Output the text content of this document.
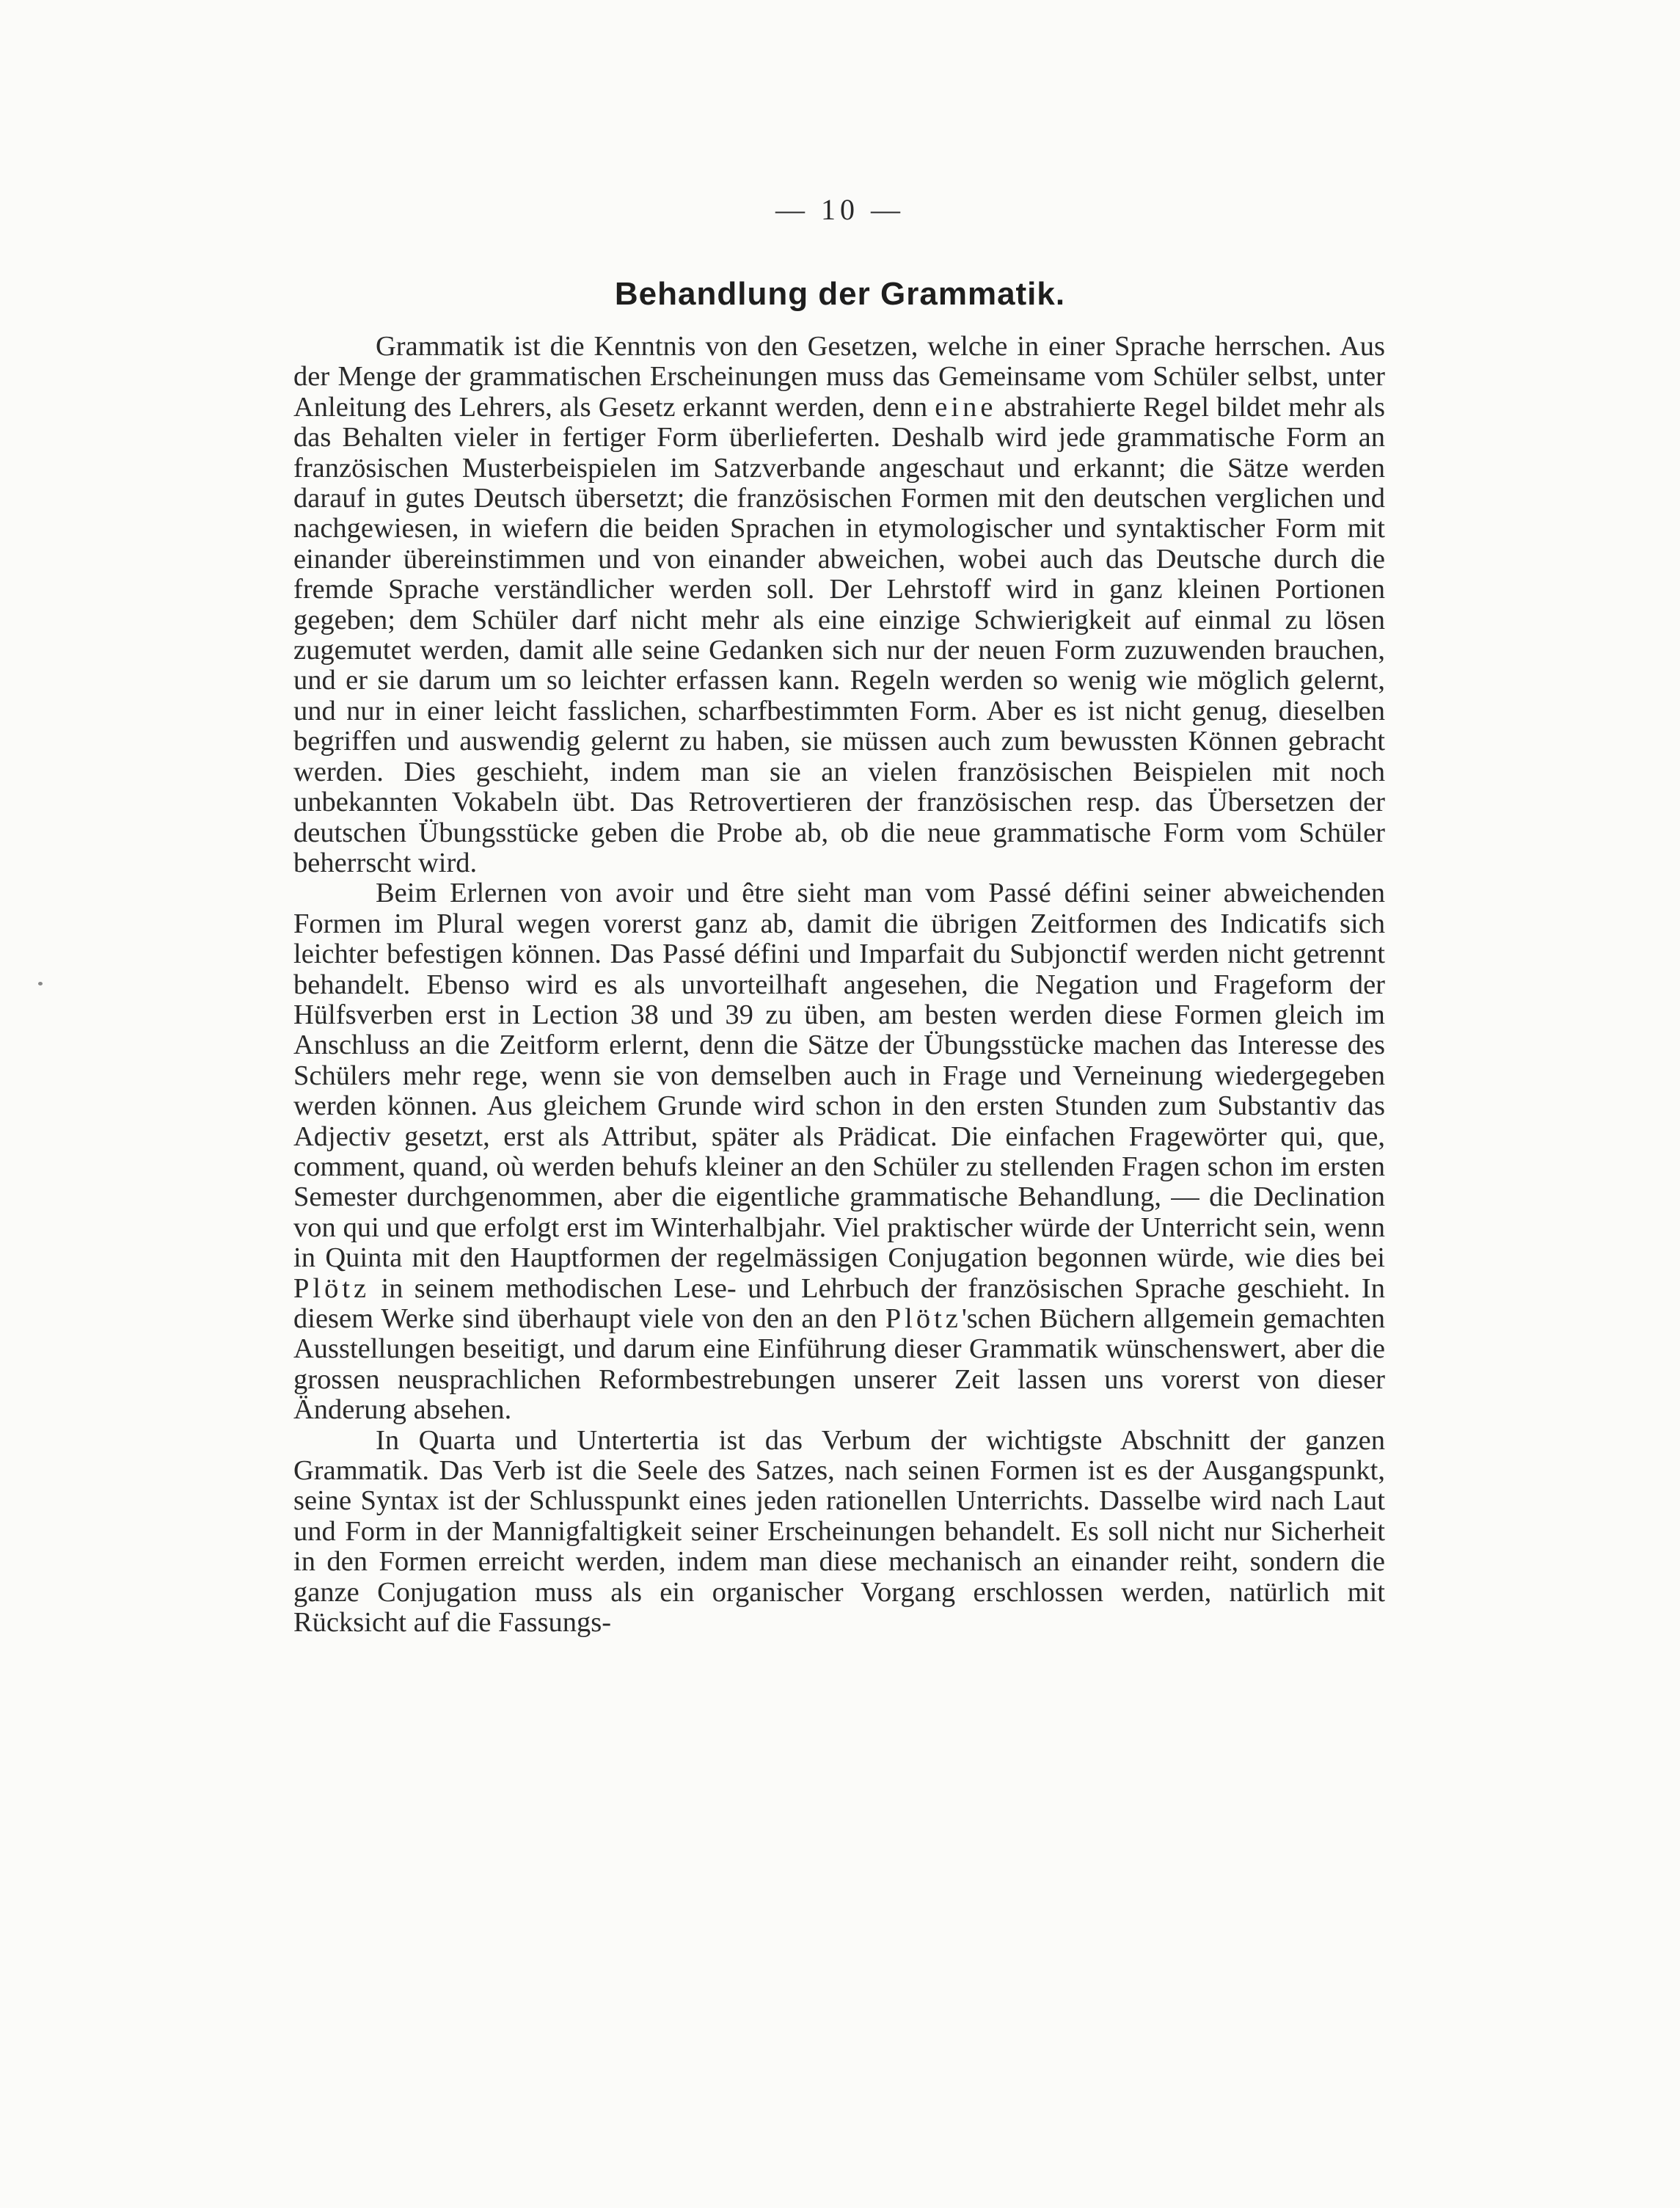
— 10 —
Behandlung der Grammatik.

Grammatik ist die Kenntnis von den Gesetzen, welche in einer Sprache herrschen. Aus der Menge der grammatischen Erscheinungen muss das Gemeinsame vom Schüler selbst, unter Anleitung des Lehrers, als Gesetz erkannt werden, denn eine abstrahierte Regel bildet mehr als das Behalten vieler in fertiger Form überlieferten. Deshalb wird jede grammatische Form an französischen Musterbeispielen im Satzverbande angeschaut und erkannt; die Sätze werden darauf in gutes Deutsch übersetzt; die französischen Formen mit den deutschen verglichen und nachgewiesen, in wiefern die beiden Sprachen in etymologischer und syntaktischer Form mit einander übereinstimmen und von einander abweichen, wobei auch das Deutsche durch die fremde Sprache verständlicher werden soll. Der Lehrstoff wird in ganz kleinen Portionen gegeben; dem Schüler darf nicht mehr als eine einzige Schwierigkeit auf einmal zu lösen zugemutet werden, damit alle seine Gedanken sich nur der neuen Form zuzuwenden brauchen, und er sie darum um so leichter erfassen kann. Regeln werden so wenig wie möglich gelernt, und nur in einer leicht fasslichen, scharfbestimmten Form. Aber es ist nicht genug, dieselben begriffen und auswendig gelernt zu haben, sie müssen auch zum bewussten Können gebracht werden. Dies geschieht, indem man sie an vielen französischen Beispielen mit noch unbekannten Vokabeln übt. Das Retrovertieren der französischen resp. das Übersetzen der deutschen Übungsstücke geben die Probe ab, ob die neue grammatische Form vom Schüler beherrscht wird.

Beim Erlernen von avoir und être sieht man vom Passé défini seiner abweichenden Formen im Plural wegen vorerst ganz ab, damit die übrigen Zeitformen des Indicatifs sich leichter befestigen können. Das Passé défini und Imparfait du Subjonctif werden nicht getrennt behandelt. Ebenso wird es als unvorteilhaft angesehen, die Negation und Frageform der Hülfsverben erst in Lection 38 und 39 zu üben, am besten werden diese Formen gleich im Anschluss an die Zeitform erlernt, denn die Sätze der Übungsstücke machen das Interesse des Schülers mehr rege, wenn sie von demselben auch in Frage und Verneinung wiedergegeben werden können. Aus gleichem Grunde wird schon in den ersten Stunden zum Substantiv das Adjectiv gesetzt, erst als Attribut, später als Prädicat. Die einfachen Fragewörter qui, que, comment, quand, où werden behufs kleiner an den Schüler zu stellenden Fragen schon im ersten Semester durchgenommen, aber die eigentliche grammatische Behandlung, — die Declination von qui und que erfolgt erst im Winterhalbjahr. Viel praktischer würde der Unterricht sein, wenn in Quinta mit den Hauptformen der regelmässigen Conjugation begonnen würde, wie dies bei Plötz in seinem methodischen Lese- und Lehrbuch der französischen Sprache geschieht. In diesem Werke sind überhaupt viele von den an den Plötz'schen Büchern allgemein gemachten Ausstellungen beseitigt, und darum eine Einführung dieser Grammatik wünschenswert, aber die grossen neusprachlichen Reformbestrebungen unserer Zeit lassen uns vorerst von dieser Änderung absehen.

In Quarta und Untertertia ist das Verbum der wichtigste Abschnitt der ganzen Grammatik. Das Verb ist die Seele des Satzes, nach seinen Formen ist es der Ausgangspunkt, seine Syntax ist der Schlusspunkt eines jeden rationellen Unterrichts. Dasselbe wird nach Laut und Form in der Mannigfaltigkeit seiner Erscheinungen behandelt. Es soll nicht nur Sicherheit in den Formen erreicht werden, indem man diese mechanisch an einander reiht, sondern die ganze Conjugation muss als ein organischer Vorgang erschlossen werden, natürlich mit Rücksicht auf die Fassungs-
